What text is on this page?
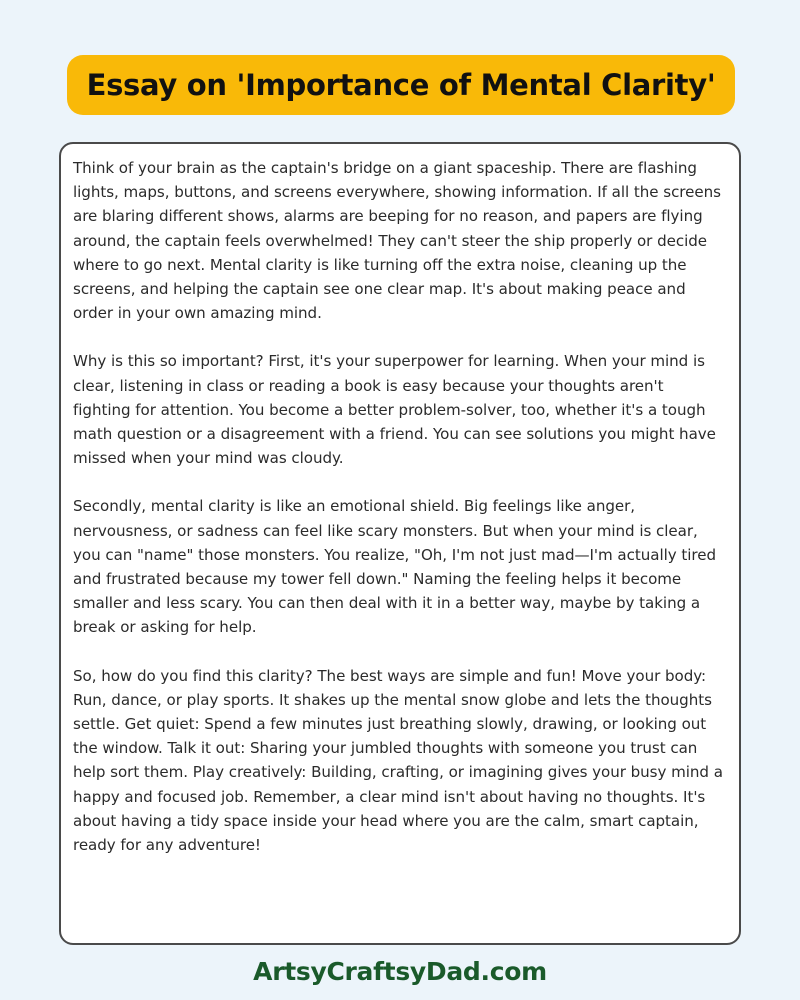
Essay on 'Importance of Mental Clarity'

Think of your brain as the captain's bridge on a giant spaceship. There are flashing lights, maps, buttons, and screens everywhere, showing information. If all the screens are blaring different shows, alarms are beeping for no reason, and papers are flying around, the captain feels overwhelmed! They can't steer the ship properly or decide where to go next. Mental clarity is like turning off the extra noise, cleaning up the screens, and helping the captain see one clear map. It's about making peace and order in your own amazing mind.

Why is this so important? First, it's your superpower for learning. When your mind is clear, listening in class or reading a book is easy because your thoughts aren't fighting for attention. You become a better problem-solver, too, whether it's a tough math question or a disagreement with a friend. You can see solutions you might have missed when your mind was cloudy.

Secondly, mental clarity is like an emotional shield. Big feelings like anger, nervousness, or sadness can feel like scary monsters. But when your mind is clear, you can "name" those monsters. You realize, "Oh, I'm not just mad—I'm actually tired and frustrated because my tower fell down." Naming the feeling helps it become smaller and less scary. You can then deal with it in a better way, maybe by taking a break or asking for help.

So, how do you find this clarity? The best ways are simple and fun! Move your body: Run, dance, or play sports. It shakes up the mental snow globe and lets the thoughts settle. Get quiet: Spend a few minutes just breathing slowly, drawing, or looking out the window. Talk it out: Sharing your jumbled thoughts with someone you trust can help sort them. Play creatively: Building, crafting, or imagining gives your busy mind a happy and focused job. Remember, a clear mind isn't about having no thoughts. It's about having a tidy space inside your head where you are the calm, smart captain, ready for any adventure!

ArtsyCraftsyDad.com
